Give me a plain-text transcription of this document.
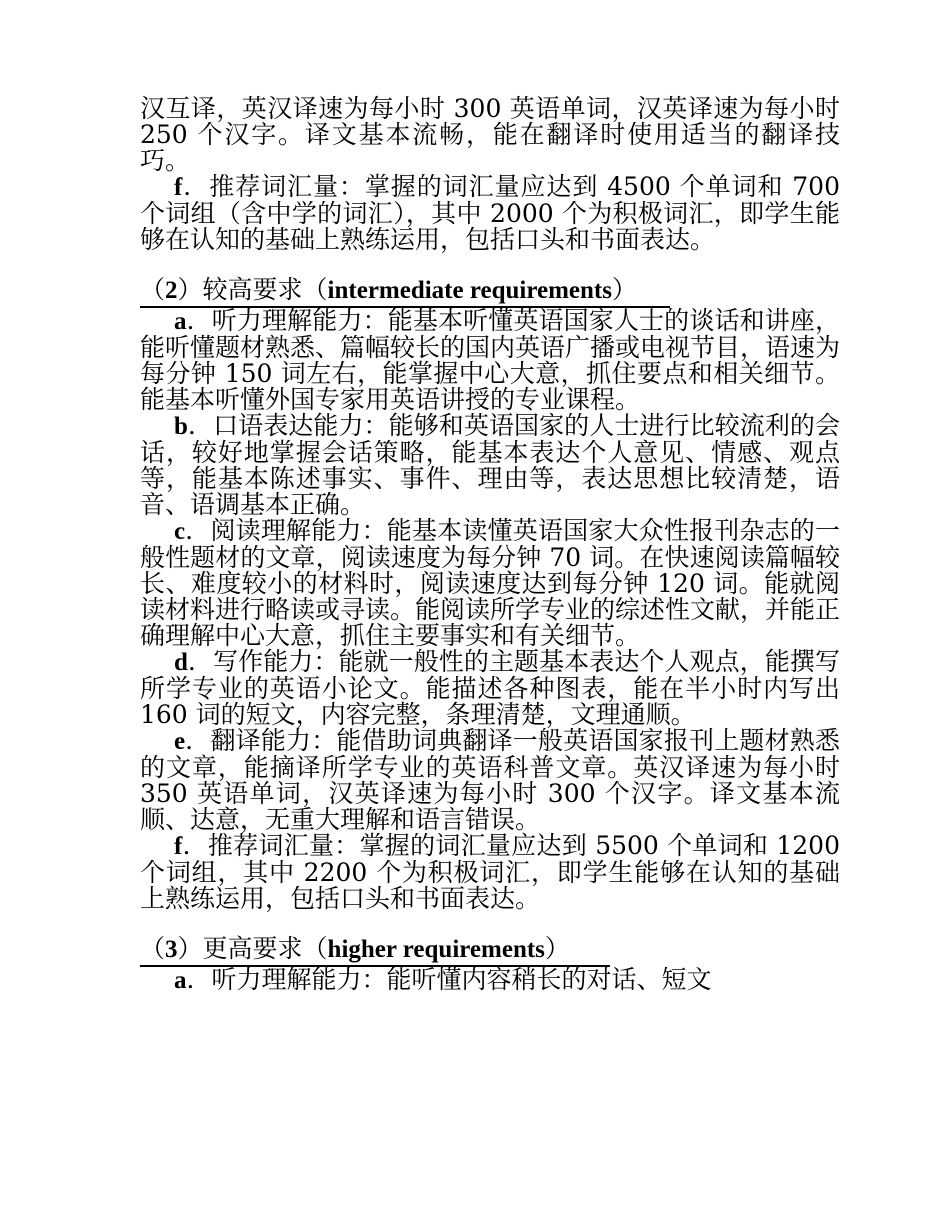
汉互译，英汉译速为每小时 300 英语单词，汉英译速为每小时 250 个汉字。译文基本流畅，能在翻译时使用适当的翻译技巧。

f．推荐词汇量：掌握的词汇量应达到 4500 个单词和 700 个词组（含中学的词汇），其中 2000 个为积极词汇，即学生能够在认知的基础上熟练运用，包括口头和书面表达。

（2）较高要求（intermediate requirements）

a．听力理解能力：能基本听懂英语国家人士的谈话和讲座，能听懂题材熟悉、篇幅较长的国内英语广播或电视节目，语速为每分钟 150 词左右，能掌握中心大意，抓住要点和相关细节。能基本听懂外国专家用英语讲授的专业课程。

b．口语表达能力：能够和英语国家的人士进行比较流利的会话，较好地掌握会话策略，能基本表达个人意见、情感、观点等，能基本陈述事实、事件、理由等，表达思想比较清楚，语音、语调基本正确。

c．阅读理解能力：能基本读懂英语国家大众性报刊杂志的一般性题材的文章，阅读速度为每分钟 70 词。在快速阅读篇幅较长、难度较小的材料时，阅读速度达到每分钟 120 词。能就阅读材料进行略读或寻读。能阅读所学专业的综述性文献，并能正确理解中心大意，抓住主要事实和有关细节。

d．写作能力：能就一般性的主题基本表达个人观点，能撰写所学专业的英语小论文。能描述各种图表，能在半小时内写出 160 词的短文，内容完整，条理清楚，文理通顺。

e．翻译能力：能借助词典翻译一般英语国家报刊上题材熟悉的文章，能摘译所学专业的英语科普文章。英汉译速为每小时 350 英语单词，汉英译速为每小时 300 个汉字。译文基本流顺、达意，无重大理解和语言错误。

f．推荐词汇量：掌握的词汇量应达到 5500 个单词和 1200 个词组，其中 2200 个为积极词汇，即学生能够在认知的基础上熟练运用，包括口头和书面表达。

（3）更高要求（higher requirements）

a．听力理解能力：能听懂内容稍长的对话、短文
